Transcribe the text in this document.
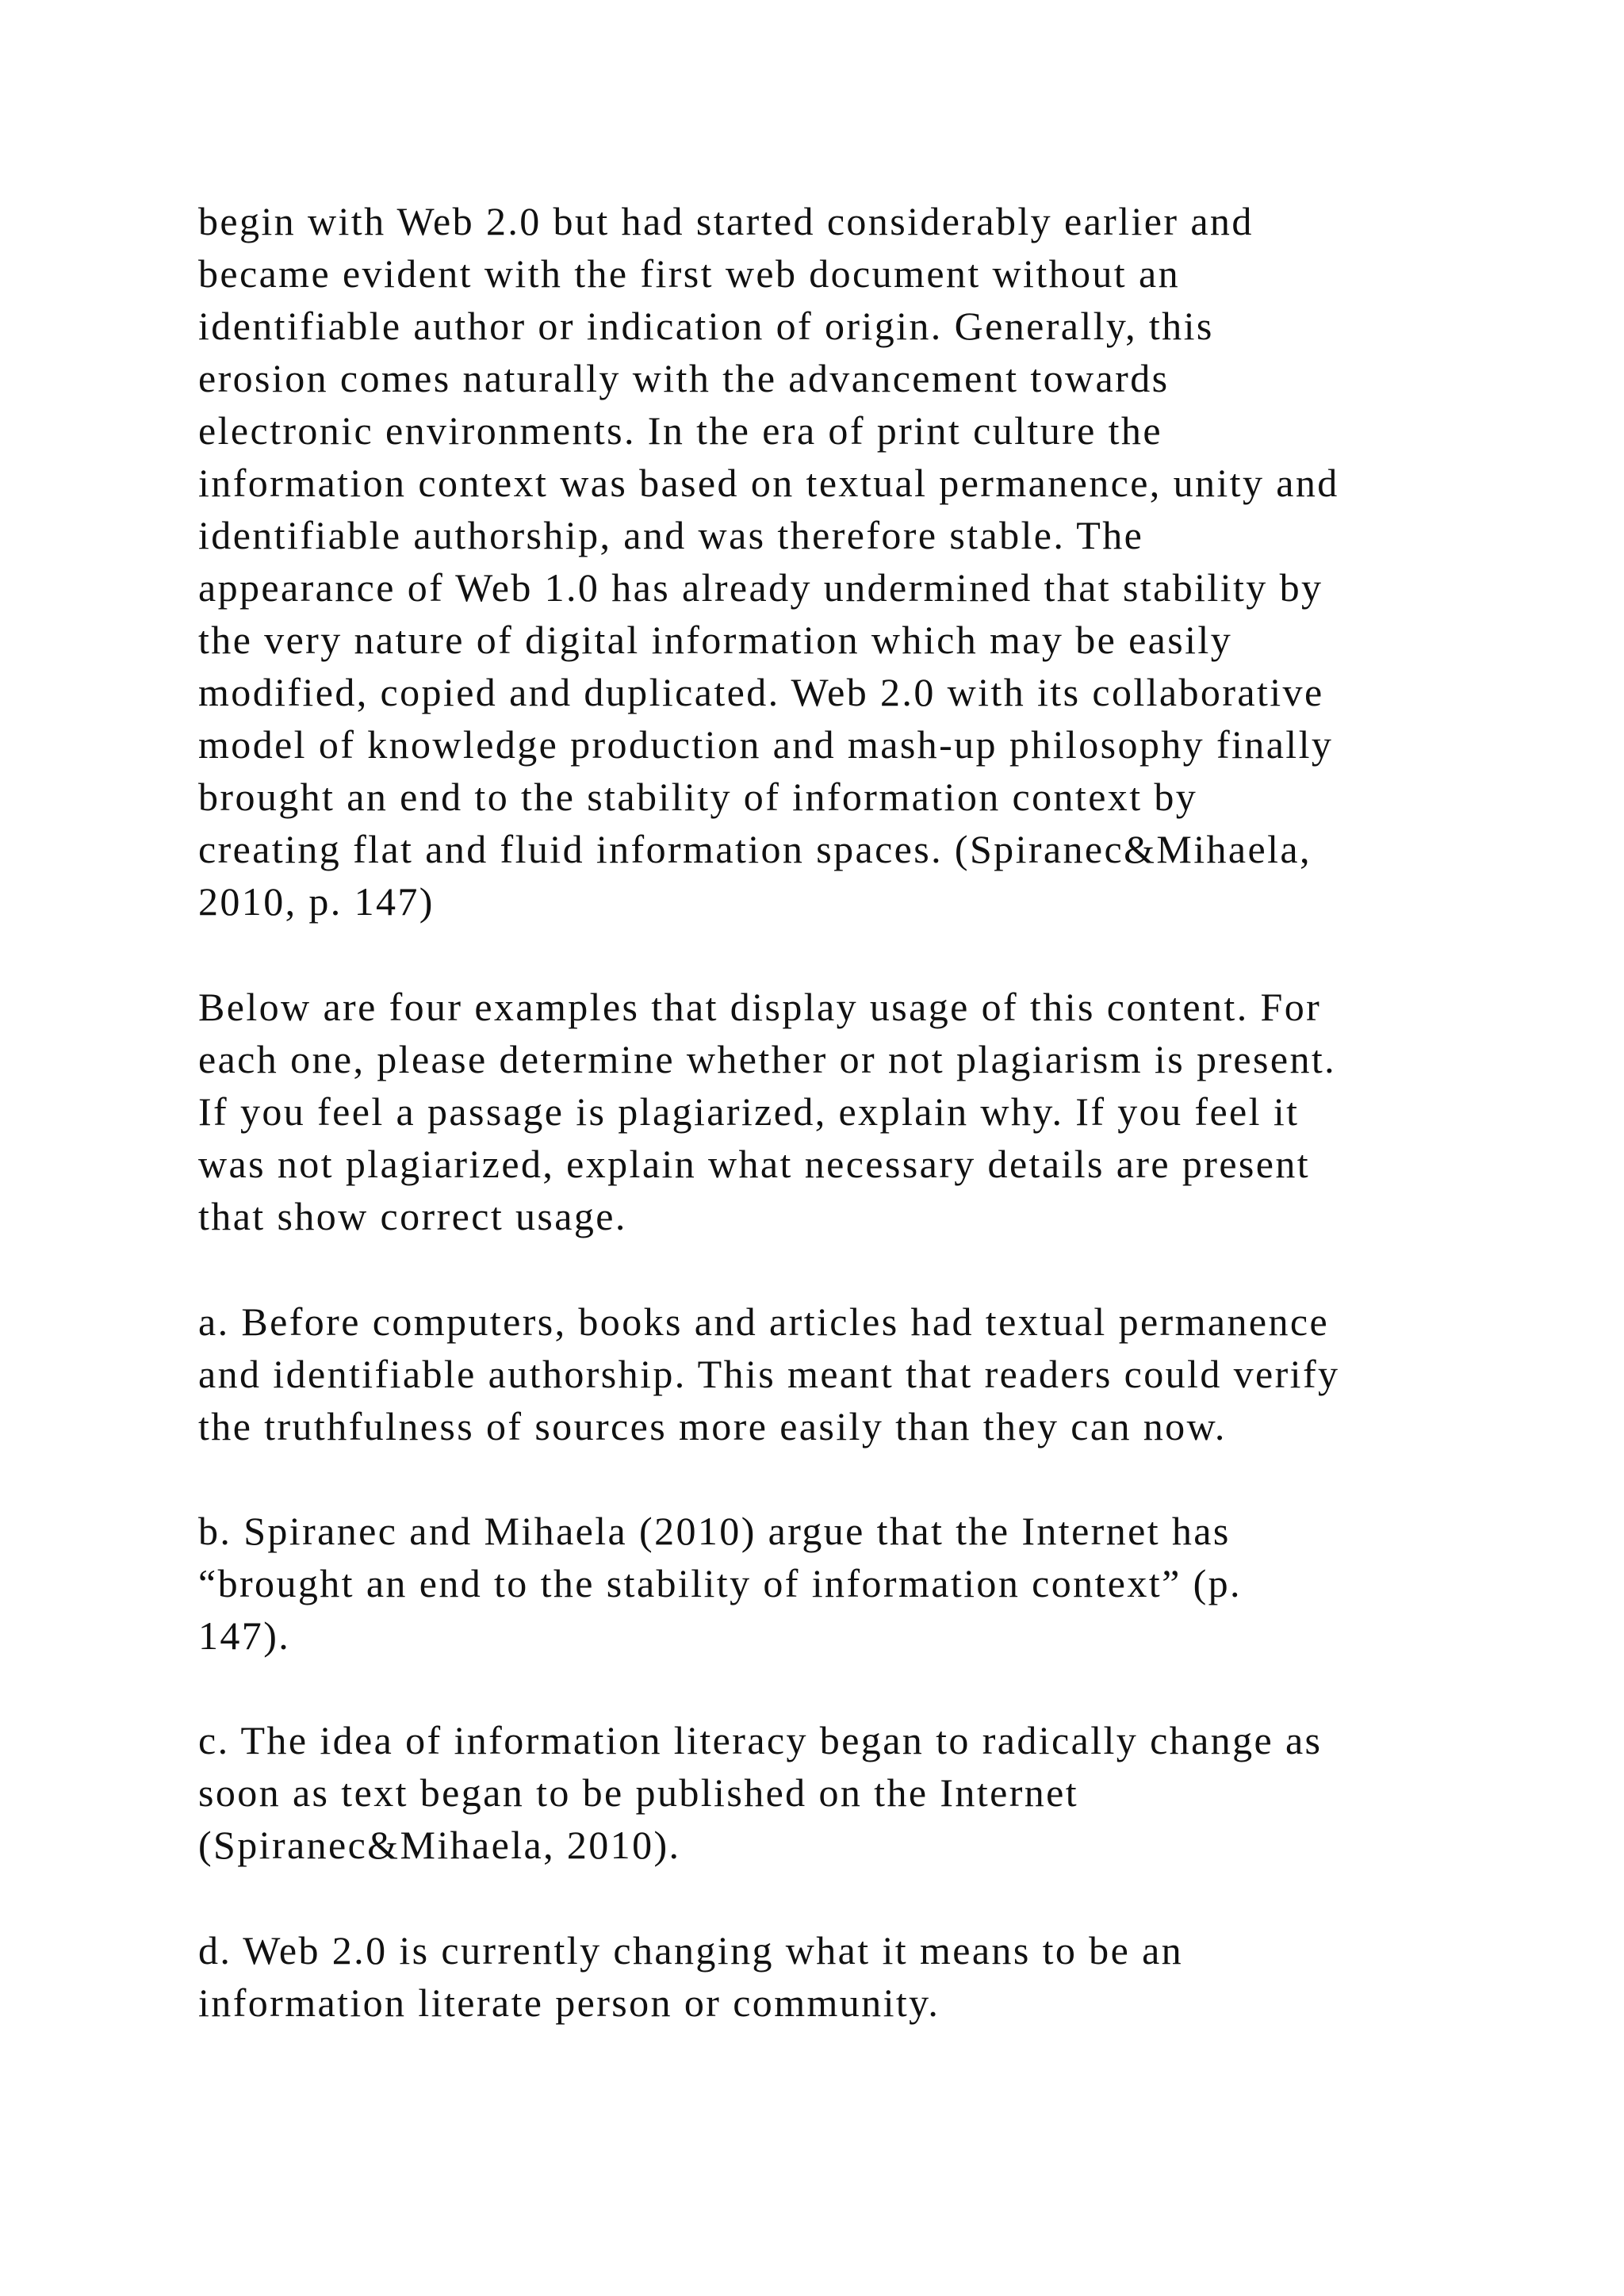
begin with Web 2.0 but had started considerably earlier and
became evident with the first web document without an
identifiable author or indication of origin. Generally, this
erosion comes naturally with the advancement towards
electronic environments. In the era of print culture the
information context was based on textual permanence, unity and
identifiable authorship, and was therefore stable. The
appearance of Web 1.0 has already undermined that stability by
the very nature of digital information which may be easily
modified, copied and duplicated. Web 2.0 with its collaborative
model of knowledge production and mash-up philosophy finally
brought an end to the stability of information context by
creating flat and fluid information spaces. (Spiranec&Mihaela,
2010, p. 147)
Below are four examples that display usage of this content. For
each one, please determine whether or not plagiarism is present.
If you feel a passage is plagiarized, explain why. If you feel it
was not plagiarized, explain what necessary details are present
that show correct usage.
a. Before computers, books and articles had textual permanence
and identifiable authorship. This meant that readers could verify
the truthfulness of sources more easily than they can now.
b. Spiranec and Mihaela (2010) argue that the Internet has
“brought an end to the stability of information context” (p.
147).
c. The idea of information literacy began to radically change as
soon as text began to be published on the Internet
(Spiranec&Mihaela, 2010).
d. Web 2.0 is currently changing what it means to be an
information literate person or community.
